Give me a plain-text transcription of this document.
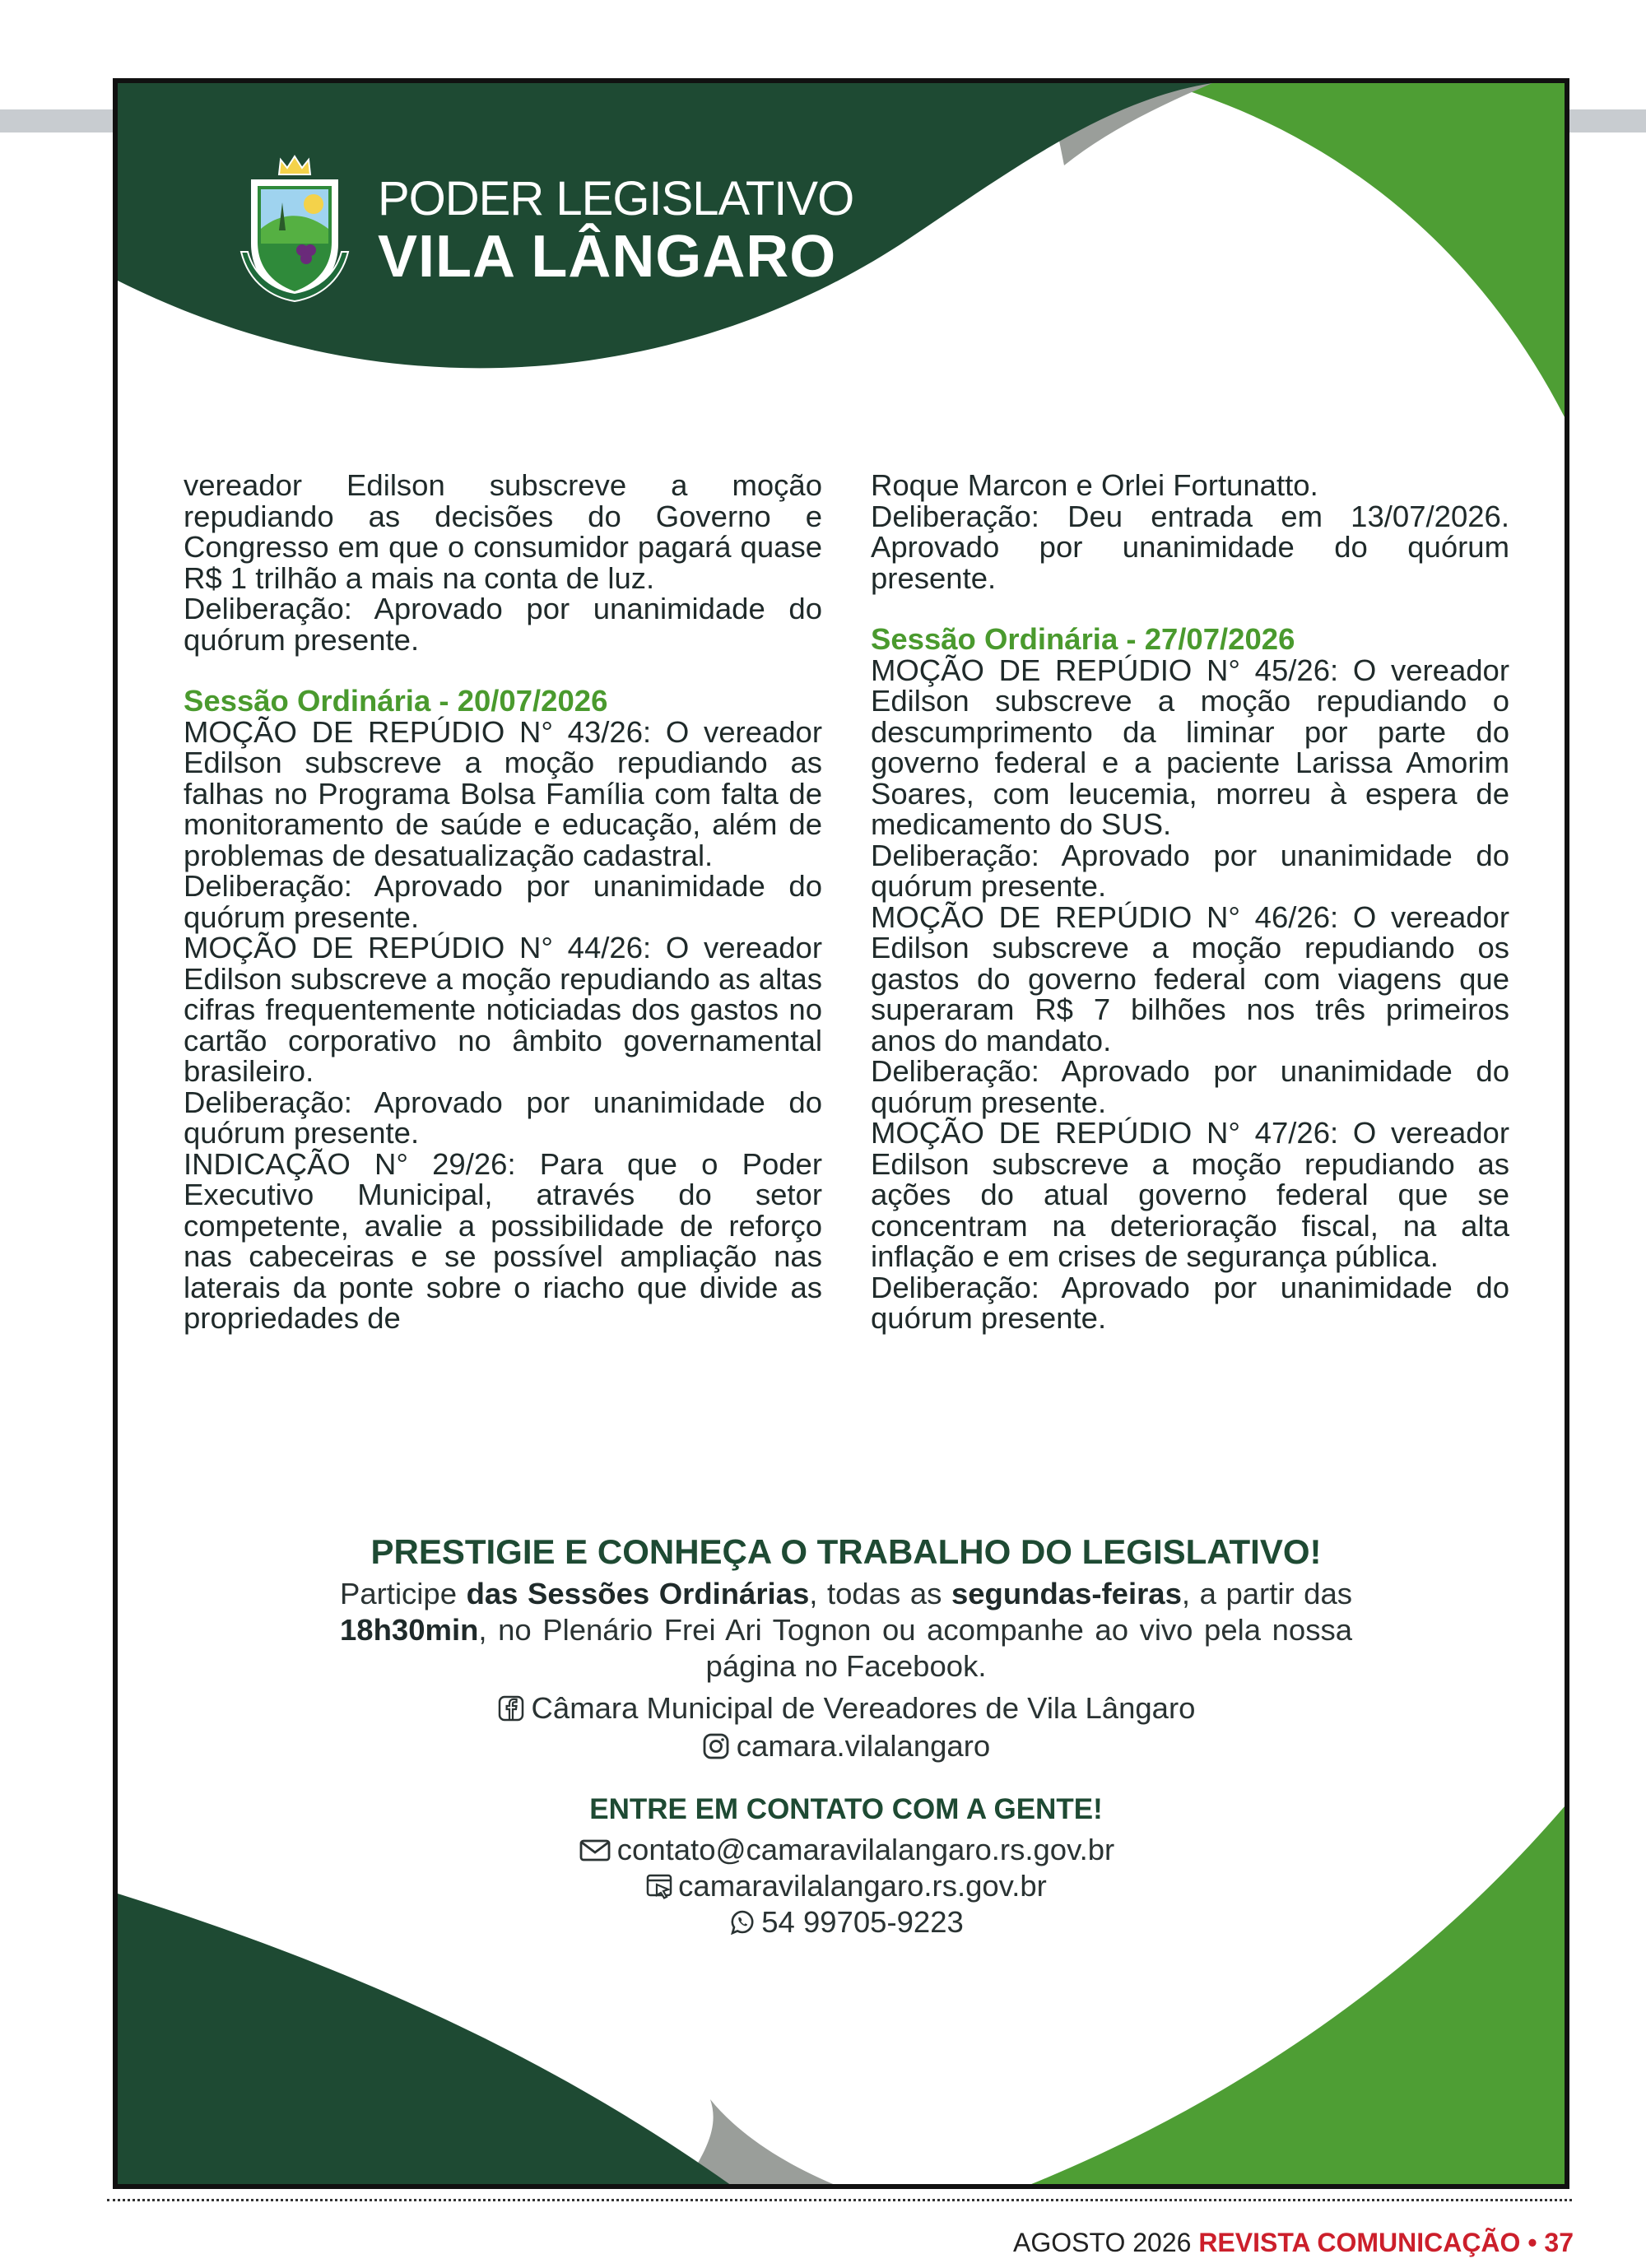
PODER LEGISLATIVO
VILA LÂNGARO

vereador Edilson subscreve a moção repudiando as decisões do Governo e Congresso em que o consumidor pagará quase R$ 1 trilhão a mais na conta de luz.

Deliberação: Aprovado por unanimidade do quórum presente.

Sessão Ordinária - 20/07/2026

MOÇÃO DE REPÚDIO N° 43/26: O vereador Edilson subscreve a moção repudiando as falhas no Programa Bolsa Família com falta de monitoramento de saúde e educação, além de problemas de desatualização cadastral.

Deliberação: Aprovado por unanimidade do quórum presente.

MOÇÃO DE REPÚDIO N° 44/26: O vereador Edilson subscreve a moção repudiando as altas cifras frequentemente noticiadas dos gastos no cartão corporativo no âmbito governamental brasileiro.

Deliberação: Aprovado por unanimidade do quórum presente.

INDICAÇÃO N° 29/26: Para que o Poder Executivo Municipal, através do setor competente, avalie a possibilidade de reforço nas cabeceiras e se possível ampliação nas laterais da ponte sobre o riacho que divide as propriedades de

Roque Marcon e Orlei Fortunatto.

Deliberação: Deu entrada em 13/07/2026. Aprovado por unanimidade do quórum presente.

Sessão Ordinária - 27/07/2026

MOÇÃO DE REPÚDIO N° 45/26: O vereador Edilson subscreve a moção repudiando o descumprimento da liminar por parte do governo federal e a paciente Larissa Amorim Soares, com leucemia, morreu à espera de medicamento do SUS.

Deliberação: Aprovado por unanimidade do quórum presente.

MOÇÃO DE REPÚDIO N° 46/26: O vereador Edilson subscreve a moção repudiando os gastos do governo federal com viagens que superaram R$ 7 bilhões nos três primeiros anos do mandato.

Deliberação: Aprovado por unanimidade do quórum presente.

MOÇÃO DE REPÚDIO N° 47/26: O vereador Edilson subscreve a moção repudiando as ações do atual governo federal que se concentram na deterioração fiscal, na alta inflação e em crises de segurança pública.

Deliberação: Aprovado por unanimidade do quórum presente.

PRESTIGIE E CONHEÇA O TRABALHO DO LEGISLATIVO!

Participe das Sessões Ordinárias, todas as segundas-feiras, a partir das 18h30min, no Plenário Frei Ari Tognon ou acompanhe ao vivo pela nossa página no Facebook.

Câmara Municipal de Vereadores de Vila Lângaro
camara.vilalangaro
ENTRE EM CONTATO COM A GENTE!
contato@camaravilalangaro.rs.gov.br
camaravilalangaro.rs.gov.br
54 99705-9223
AGOSTO 2026 REVISTA COMUNICAÇÃO • 37
